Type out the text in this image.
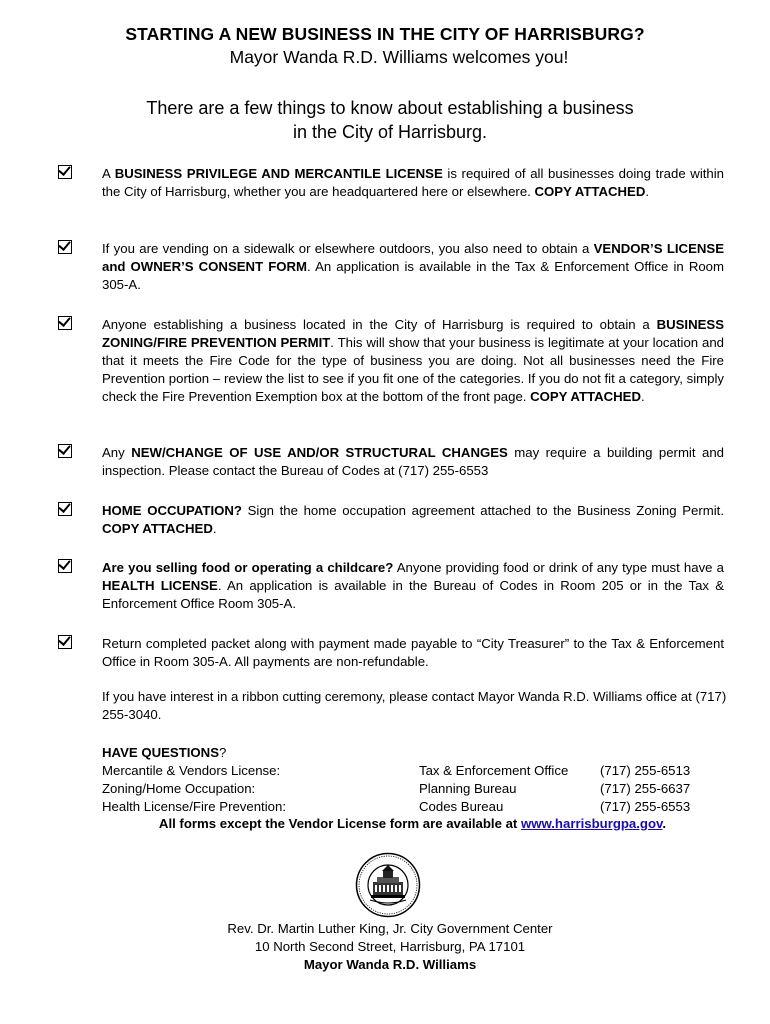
STARTING A NEW BUSINESS IN THE CITY OF HARRISBURG?
Mayor Wanda R.D. Williams welcomes you!
There are a few things to know about establishing a business
in the City of Harrisburg.
A BUSINESS PRIVILEGE AND MERCANTILE LICENSE is required of all businesses doing trade within the City of Harrisburg, whether you are headquartered here or elsewhere. COPY ATTACHED.
If you are vending on a sidewalk or elsewhere outdoors, you also need to obtain a VENDOR’S LICENSE and OWNER’S CONSENT FORM. An application is available in the Tax & Enforcement Office in Room 305-A.
Anyone establishing a business located in the City of Harrisburg is required to obtain a BUSINESS ZONING/FIRE PREVENTION PERMIT. This will show that your business is legitimate at your location and that it meets the Fire Code for the type of business you are doing. Not all businesses need the Fire Prevention portion – review the list to see if you fit one of the categories. If you do not fit a category, simply check the Fire Prevention Exemption box at the bottom of the front page. COPY ATTACHED.
Any NEW/CHANGE OF USE AND/OR STRUCTURAL CHANGES may require a building permit and inspection. Please contact the Bureau of Codes at (717) 255-6553
HOME OCCUPATION? Sign the home occupation agreement attached to the Business Zoning Permit. COPY ATTACHED.
Are you selling food or operating a childcare? Anyone providing food or drink of any type must have a HEALTH LICENSE. An application is available in the Bureau of Codes in Room 205 or in the Tax & Enforcement Office Room 305-A.
Return completed packet along with payment made payable to “City Treasurer” to the Tax & Enforcement Office in Room 305-A. All payments are non-refundable.
If you have interest in a ribbon cutting ceremony, please contact Mayor Wanda R.D. Williams office at (717) 255-3040.
HAVE QUESTIONS?
Mercantile & Vendors License:	Tax & Enforcement Office (717) 255-6513
Zoning/Home Occupation:	Planning Bureau	(717) 255-6637
Health License/Fire Prevention:	Codes Bureau	(717) 255-6553
All forms except the Vendor License form are available at www.harrisburgpa.gov.
Rev. Dr. Martin Luther King, Jr. City Government Center
10 North Second Street, Harrisburg, PA 17101
Mayor Wanda R.D. Williams
